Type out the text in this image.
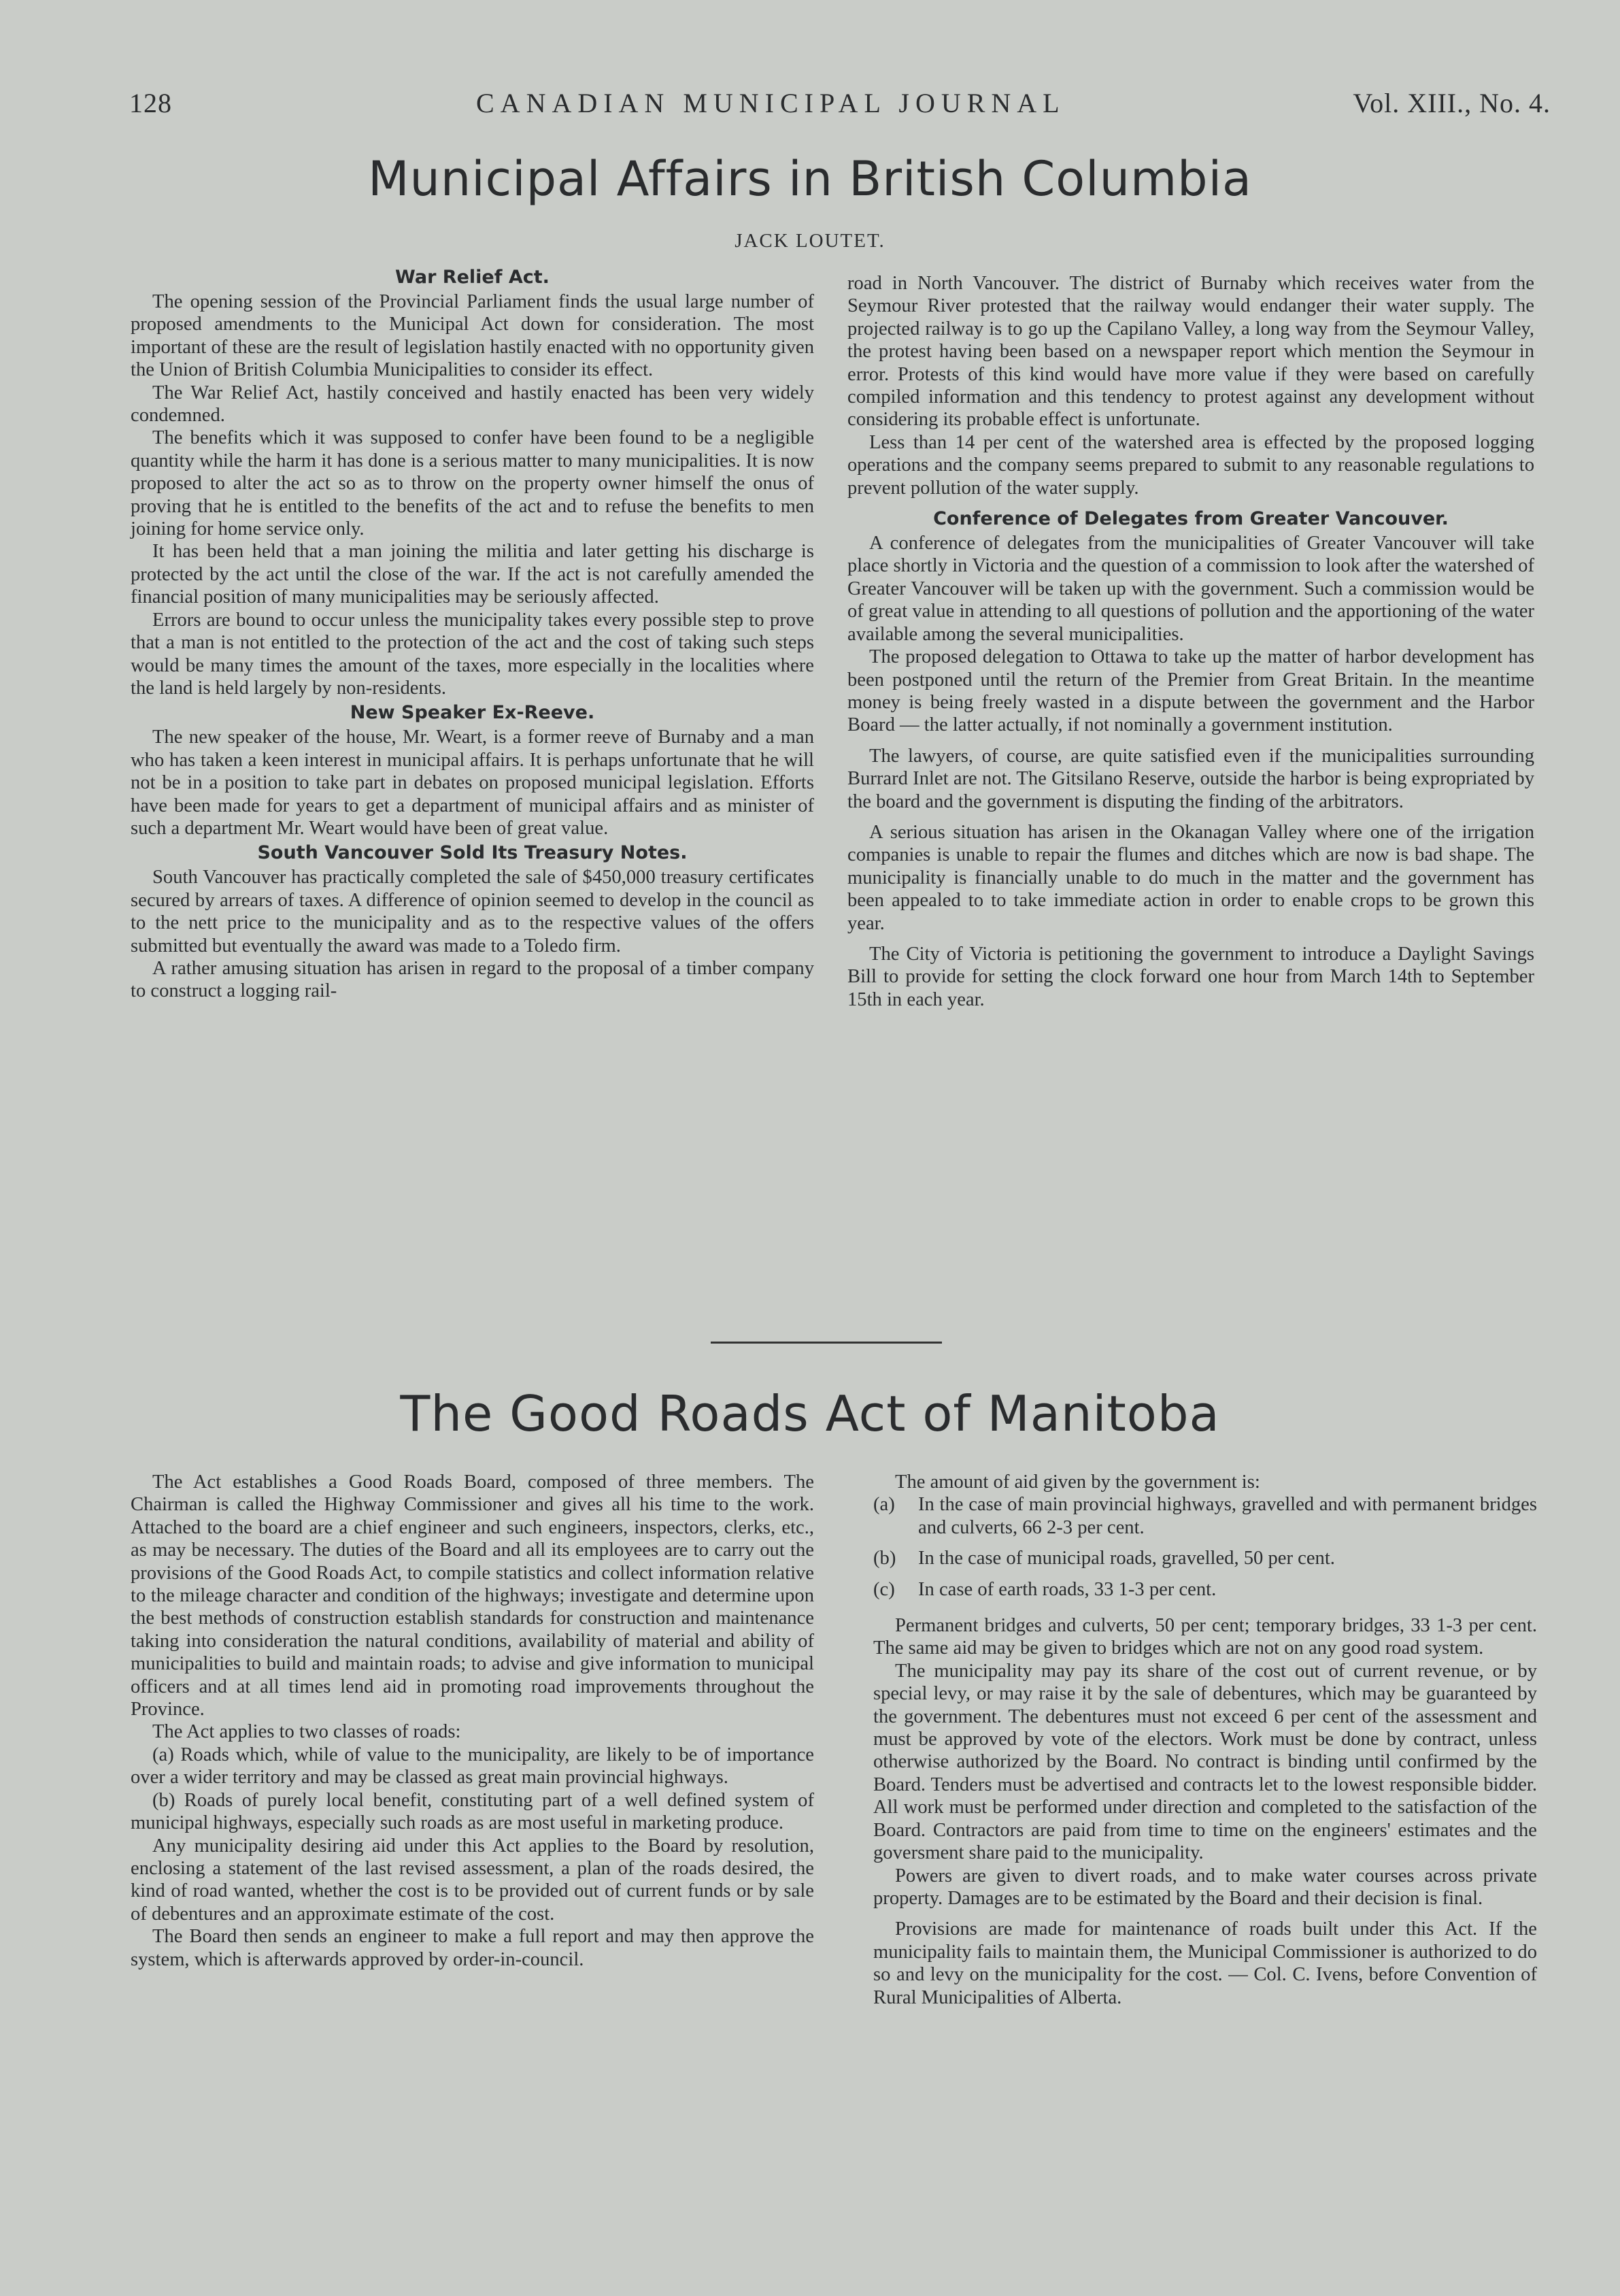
128	CANADIAN MUNICIPAL JOURNAL	Vol. XIII., No. 4.
Municipal Affairs in British Columbia
JACK LOUTET.
War Relief Act.

The opening session of the Provincial Parliament finds the usual large number of proposed amendments to the Municipal Act down for consideration. The most important of these are the result of legislation hastily enacted with no opportunity given the Union of British Columbia Municipalities to consider its effect.

The War Relief Act, hastily conceived and hastily enacted has been very widely condemned.

The benefits which it was supposed to confer have been found to be a negligible quantity while the harm it has done is a serious matter to many municipalities. It is now proposed to alter the act so as to throw on the property owner himself the onus of proving that he is entitled to the benefits of the act and to refuse the benefits to men joining for home service only.

It has been held that a man joining the militia and later getting his discharge is protected by the act until the close of the war. If the act is not carefully amended the financial position of many municipalities may be seriously affected.

Errors are bound to occur unless the municipality takes every possible step to prove that a man is not entitled to the protection of the act and the cost of taking such steps would be many times the amount of the taxes, more especially in the localities where the land is held largely by non-residents.

New Speaker Ex-Reeve.

The new speaker of the house, Mr. Weart, is a former reeve of Burnaby and a man who has taken a keen interest in municipal affairs. It is perhaps unfortunate that he will not be in a position to take part in debates on proposed municipal legislation. Efforts have been made for years to get a department of municipal affairs and as minister of such a department Mr. Weart would have been of great value.

South Vancouver Sold Its Treasury Notes.

South Vancouver has practically completed the sale of $450,000 treasury certificates secured by arrears of taxes. A difference of opinion seemed to develop in the council as to the nett price to the municipality and as to the respective values of the offers submitted but eventually the award was made to a Toledo firm.

A rather amusing situation has arisen in regard to the proposal of a timber company to construct a logging rail-

road in North Vancouver. The district of Burnaby which receives water from the Seymour River protested that the railway would endanger their water supply. The projected railway is to go up the Capilano Valley, a long way from the Seymour Valley, the protest having been based on a newspaper report which mention the Seymour in error. Protests of this kind would have more value if they were based on carefully compiled information and this tendency to protest against any development without considering its probable effect is unfortunate.

Less than 14 per cent of the watershed area is effected by the proposed logging operations and the company seems prepared to submit to any reasonable regulations to prevent pollution of the water supply.

Conference of Delegates from Greater Vancouver.

A conference of delegates from the municipalities of Greater Vancouver will take place shortly in Victoria and the question of a commission to look after the watershed of Greater Vancouver will be taken up with the government. Such a commission would be of great value in attending to all questions of pollution and the apportioning of the water available among the several municipalities.

The proposed delegation to Ottawa to take up the matter of harbor development has been postponed until the return of the Premier from Great Britain. In the meantime money is being freely wasted in a dispute between the government and the Harbor Board — the latter actually, if not nominally a government institution.

The lawyers, of course, are quite satisfied even if the municipalities surrounding Burrard Inlet are not. The Gitsilano Reserve, outside the harbor is being expropriated by the board and the government is disputing the finding of the arbitrators.

A serious situation has arisen in the Okanagan Valley where one of the irrigation companies is unable to repair the flumes and ditches which are now is bad shape. The municipality is financially unable to do much in the matter and the government has been appealed to to take immediate action in order to enable crops to be grown this year.

The City of Victoria is petitioning the government to introduce a Daylight Savings Bill to provide for setting the clock forward one hour from March 14th to September 15th in each year.

The Good Roads Act of Manitoba

The Act establishes a Good Roads Board, composed of three members. The Chairman is called the Highway Commissioner and gives all his time to the work. Attached to the board are a chief engineer and such engineers, inspectors, clerks, etc., as may be necessary. The duties of the Board and all its employees are to carry out the provisions of the Good Roads Act, to compile statistics and collect information relative to the mileage character and condition of the highways; investigate and determine upon the best methods of construction establish standards for construction and maintenance taking into consideration the natural conditions, availability of material and ability of municipalities to build and maintain roads; to advise and give information to municipal officers and at all times lend aid in promoting road improvements throughout the Province.

The Act applies to two classes of roads:

(a) Roads which, while of value to the municipality, are likely to be of importance over a wider territory and may be classed as great main provincial highways.

(b) Roads of purely local benefit, constituting part of a well defined system of municipal highways, especially such roads as are most useful in marketing produce.

Any municipality desiring aid under this Act applies to the Board by resolution, enclosing a statement of the last revised assessment, a plan of the roads desired, the kind of road wanted, whether the cost is to be provided out of current funds or by sale of debentures and an approximate estimate of the cost.

The Board then sends an engineer to make a full report and may then approve the system, which is afterwards approved by order-in-council.

The amount of aid given by the government is:

(a) In the case of main provincial highways, gravelled and with permanent bridges and culverts, 66 2-3 per cent.

(b) In the case of municipal roads, gravelled, 50 per cent.

(c) In case of earth roads, 33 1-3 per cent.

Permanent bridges and culverts, 50 per cent; temporary bridges, 33 1-3 per cent. The same aid may be given to bridges which are not on any good road system.

The municipality may pay its share of the cost out of current revenue, or by special levy, or may raise it by the sale of debentures, which may be guaranteed by the government. The debentures must not exceed 6 per cent of the assessment and must be approved by vote of the electors. Work must be done by contract, unless otherwise authorized by the Board. No contract is binding until confirmed by the Board. Tenders must be advertised and contracts let to the lowest responsible bidder. All work must be performed under direction and completed to the satisfaction of the Board. Contractors are paid from time to time on the engineers' estimates and the goversment share paid to the municipality.

Powers are given to divert roads, and to make water courses across private property. Damages are to be estimated by the Board and their decision is final.

Provisions are made for maintenance of roads built under this Act. If the municipality fails to maintain them, the Municipal Commissioner is authorized to do so and levy on the municipality for the cost. — Col. C. Ivens, before Convention of Rural Municipalities of Alberta.
